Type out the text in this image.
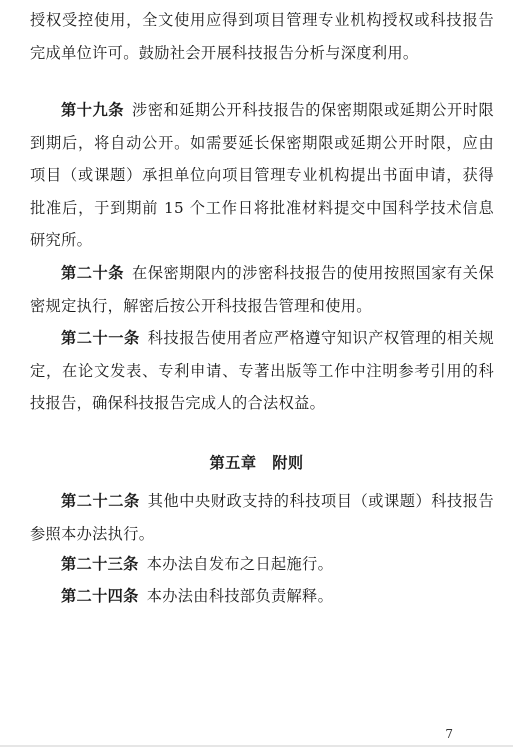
授权受控使用，全文使用应得到项目管理专业机构授权或科技报告完成单位许可。鼓励社会开展科技报告分析与深度利用。

第十九条 涉密和延期公开科技报告的保密期限或延期公开时限到期后，将自动公开。如需要延长保密期限或延期公开时限，应由项目（或课题）承担单位向项目管理专业机构提出书面申请，获得批准后，于到期前 15 个工作日将批准材料提交中国科学技术信息研究所。

第二十条 在保密期限内的涉密科技报告的使用按照国家有关保密规定执行，解密后按公开科技报告管理和使用。

第二十一条 科技报告使用者应严格遵守知识产权管理的相关规定，在论文发表、专利申请、专著出版等工作中注明参考引用的科技报告，确保科技报告完成人的合法权益。

第五章　附则

第二十二条 其他中央财政支持的科技项目（或课题）科技报告参照本办法执行。

第二十三条 本办法自发布之日起施行。

第二十四条 本办法由科技部负责解释。

7
